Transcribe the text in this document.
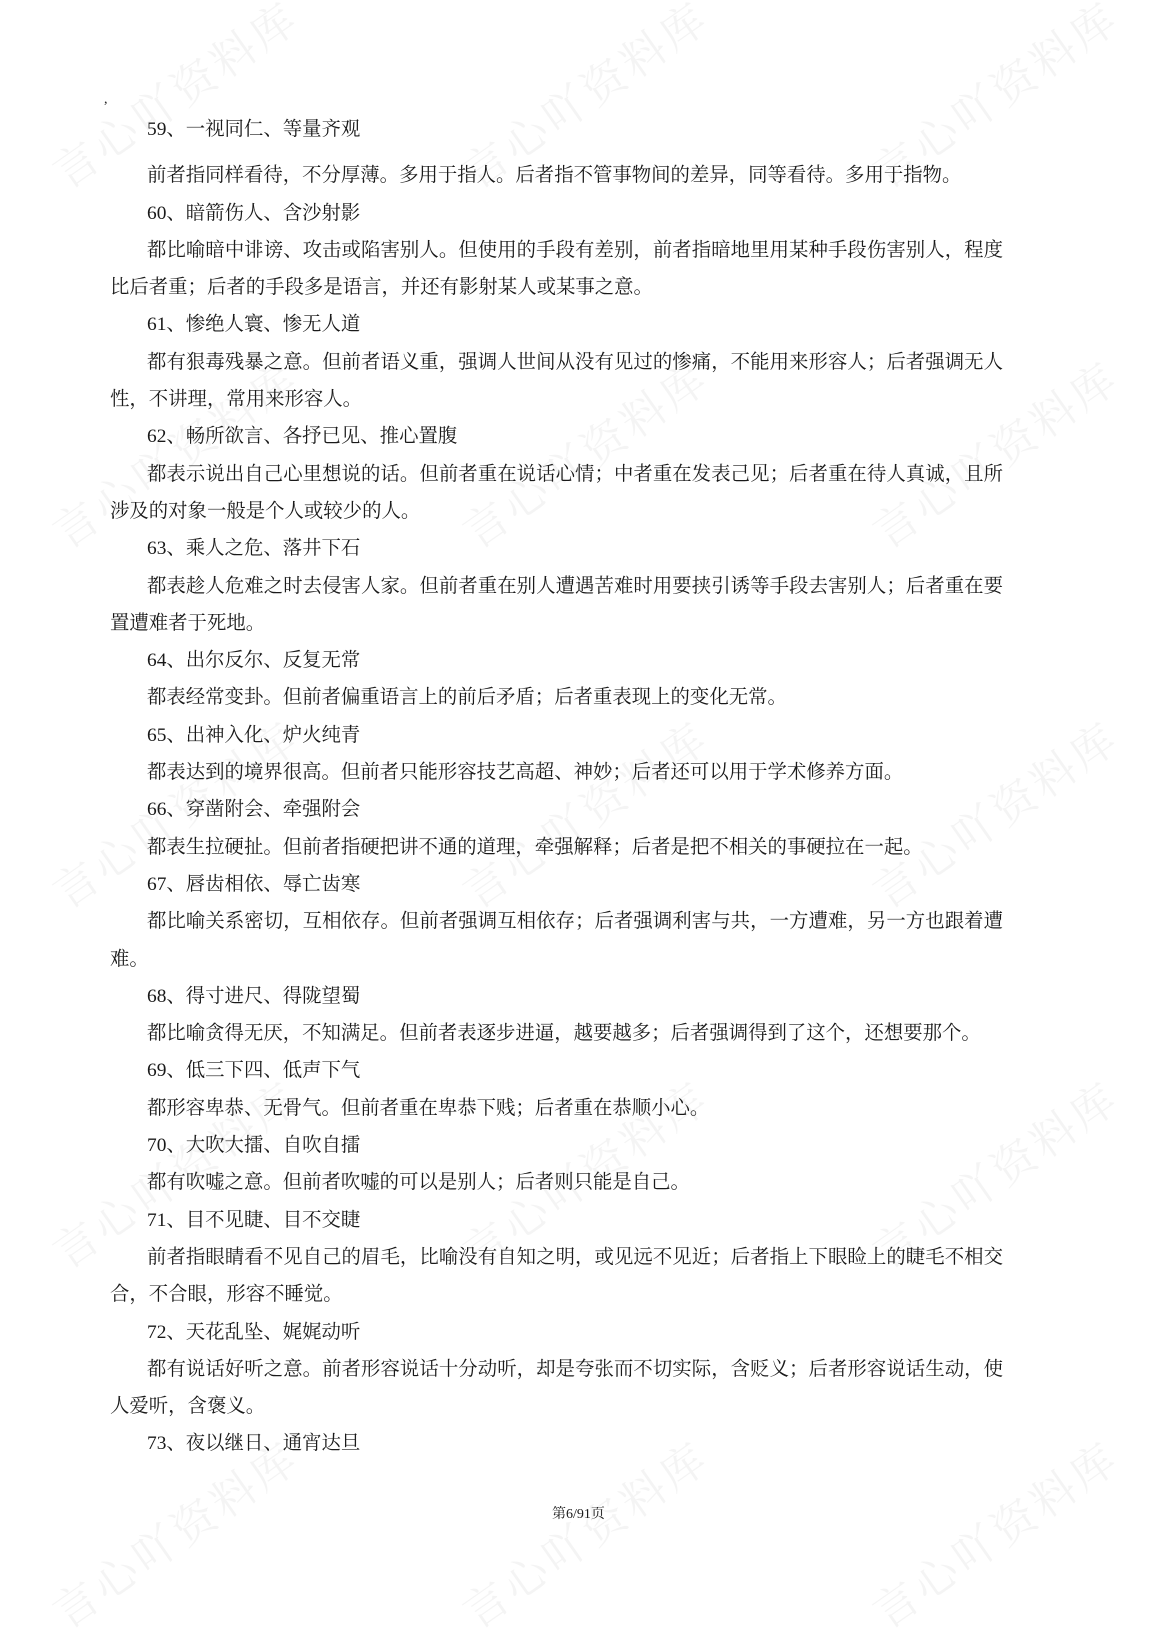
,
59、一视同仁、等量齐观
前者指同样看待，不分厚薄。多用于指人。后者指不管事物间的差异，同等看待。多用于指物。
60、暗箭伤人、含沙射影
都比喻暗中诽谤、攻击或陷害别人。但使用的手段有差别，前者指暗地里用某种手段伤害别人，程度比后者重；后者的手段多是语言，并还有影射某人或某事之意。
61、惨绝人寰、惨无人道
都有狠毒残暴之意。但前者语义重，强调人世间从没有见过的惨痛，不能用来形容人；后者强调无人性，不讲理，常用来形容人。
62、畅所欲言、各抒已见、推心置腹
都表示说出自己心里想说的话。但前者重在说话心情；中者重在发表己见；后者重在待人真诚，且所涉及的对象一般是个人或较少的人。
63、乘人之危、落井下石
都表趁人危难之时去侵害人家。但前者重在别人遭遇苦难时用要挟引诱等手段去害别人；后者重在要置遭难者于死地。
64、出尔反尔、反复无常
都表经常变卦。但前者偏重语言上的前后矛盾；后者重表现上的变化无常。
65、出神入化、炉火纯青
都表达到的境界很高。但前者只能形容技艺高超、神妙；后者还可以用于学术修养方面。
66、穿凿附会、牵强附会
都表生拉硬扯。但前者指硬把讲不通的道理，牵强解释；后者是把不相关的事硬拉在一起。
67、唇齿相依、辱亡齿寒
都比喻关系密切，互相依存。但前者强调互相依存；后者强调利害与共，一方遭难，另一方也跟着遭难。
68、得寸进尺、得陇望蜀
都比喻贪得无厌，不知满足。但前者表逐步进逼，越要越多；后者强调得到了这个，还想要那个。
69、低三下四、低声下气
都形容卑恭、无骨气。但前者重在卑恭下贱；后者重在恭顺小心。
70、大吹大擂、自吹自擂
都有吹嘘之意。但前者吹嘘的可以是别人；后者则只能是自己。
71、目不见睫、目不交睫
前者指眼睛看不见自己的眉毛，比喻没有自知之明，或见远不见近；后者指上下眼睑上的睫毛不相交合，不合眼，形容不睡觉。
72、天花乱坠、娓娓动听
都有说话好听之意。前者形容说话十分动听，却是夸张而不切实际，含贬义；后者形容说话生动，使人爱听，含褒义。
73、夜以继日、通宵达旦
第6/91页
